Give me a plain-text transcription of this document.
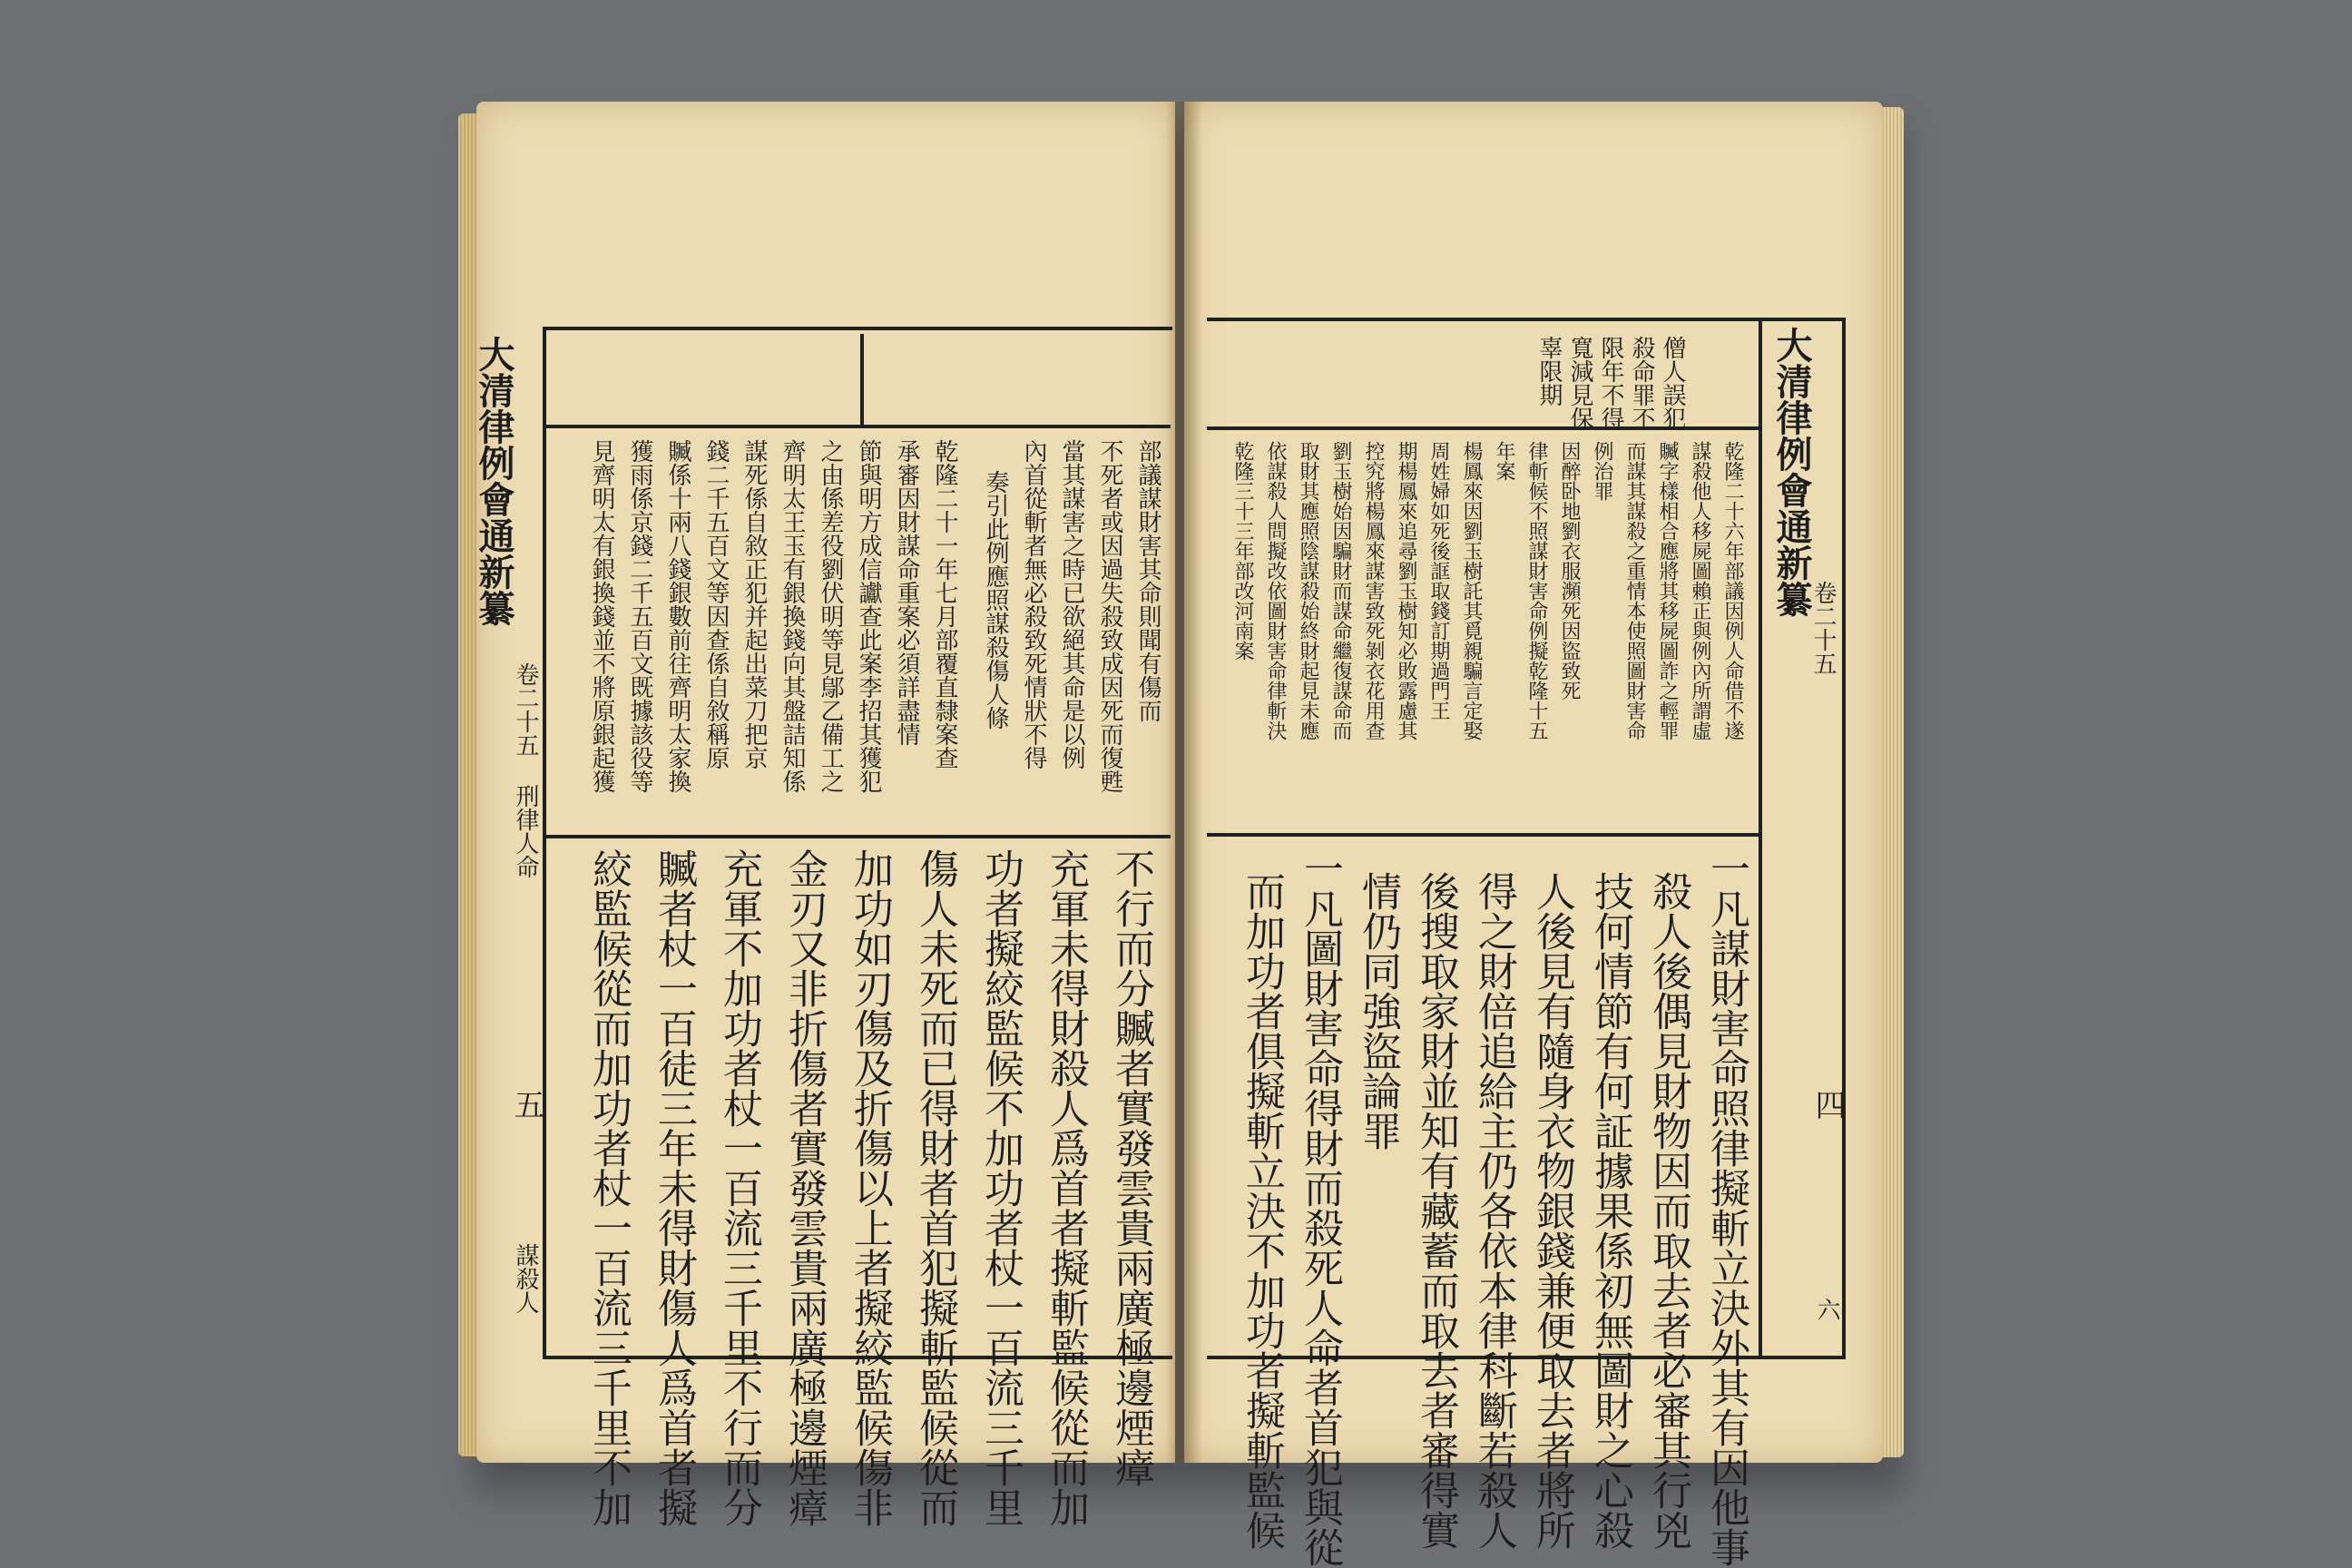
大清律例會通新纂
卷二十五 刑律人命
五
謀殺人
部議謀財害其命則聞有傷而
不死者或因過失殺致成因死而復甦
當其謀害之時已欲絕其命是以例
內首從斬者無必殺致死情狀不得
奏引此例應照謀殺傷人條
乾隆二十一年七月部覆直隸案查
承審因財謀命重案必須詳盡情
節與明方成信讞查此案李招其獲犯
之由係差役劉伏明等見鄔乙備工之
齊明太王玉有銀換錢向其盤詰知係
謀死係自敘正犯并起出菜刀把京
錢二千五百文等因查係自敘稱原
贓係十兩八錢銀數前往齊明太家換
獲雨係京錢二千五百文既據該役等
見齊明太有銀換錢並不將原銀起獲
不行而分贓者實發雲貴兩廣極邊煙瘴
充軍未得財殺人爲首者擬斬監候從而加
功者擬絞監候不加功者杖一百流三千里
傷人未死而已得財者首犯擬斬監候從而
加功如刃傷及折傷以上者擬絞監候傷非
金刃又非折傷者實發雲貴兩廣極邊煙瘴
充軍不加功者杖一百流三千里不行而分
贓者杖一百徒三年未得財傷人爲首者擬
絞監候從而加功者杖一百流三千里不加
大清律例會通新纂
卷二十五
四
六
僧人誤犯
殺命罪不
限年不得
寬減見保
辜限期
乾隆二十六年部議因例人命借不遂
謀殺他人移屍圖賴正與例內所謂虛
贓字樣相合應將其移屍圖詐之輕罪
而謀其謀殺之重情本使照圖財害命
例治罪
因醉卧地劉衣服瀕死因盜致死
律斬候不照謀財害命例擬乾隆十五
年案
楊鳳來因劉玉樹託其覓親騙言定娶
周姓婦如死後誆取錢訂期過門王
期楊鳳來追尋劉玉樹知必敗露慮其
控究將楊鳳來謀害致死剝衣花用查
劉玉樹始因騙財而謀命繼復謀命而
取財其應照陰謀殺始終財起見未應
依謀殺人問擬改依圖財害命律斬決
乾隆三十三年部改河南案
一凡謀財害命照律擬斬立決外其有因他事
殺人後偶見財物因而取去者必審其行兇
技何情節有何証據果係初無圖財之心殺
人後見有隨身衣物銀錢兼便取去者將所
得之財倍追給主仍各依本律科斷若殺人
後搜取家財並知有藏蓄而取去者審得實
情仍同強盜論罪
一凡圖財害命得財而殺死人命者首犯與從
而加功者俱擬斬立決不加功者擬斬監候
